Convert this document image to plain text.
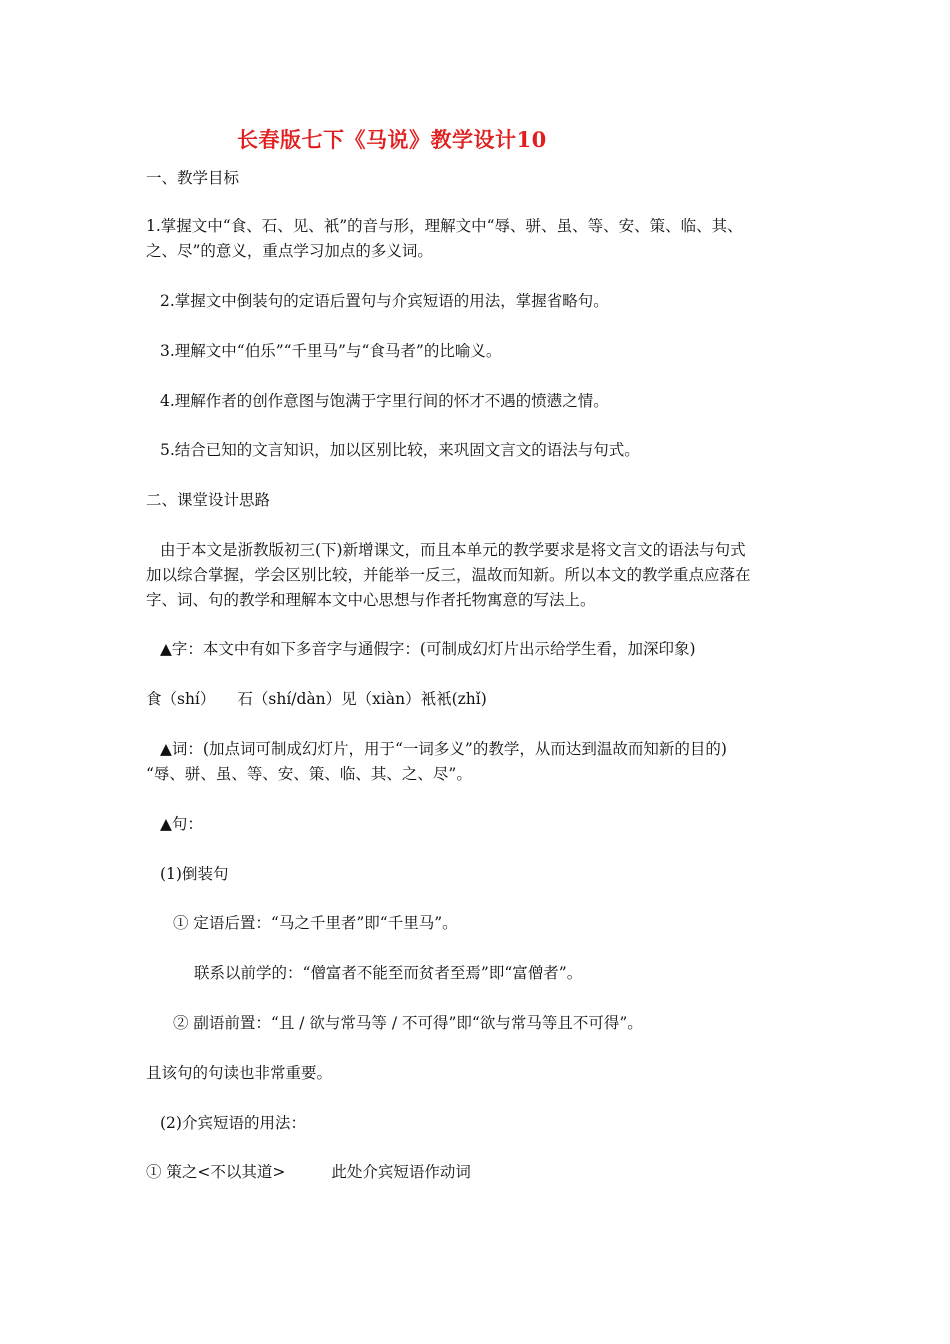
长春版七下《马说》教学设计10
一、教学目标
1.掌握文中“食、石、见、衹”的音与形，理解文中“辱、骈、虽、等、安、策、临、其、
之、尽”的意义，重点学习加点的多义词。
2.掌握文中倒装句的定语后置句与介宾短语的用法，掌握省略句。
3.理解文中“伯乐”“千里马”与“食马者”的比喻义。
4.理解作者的创作意图与饱满于字里行间的怀才不遇的愤懑之情。
5.结合已知的文言知识，加以区别比较，来巩固文言文的语法与句式。
二、课堂设计思路
由于本文是浙教版初三(下)新增课文，而且本单元的教学要求是将文言文的语法与句式
加以综合掌握，学会区别比较，并能举一反三，温故而知新。所以本文的教学重点应落在
字、词、句的教学和理解本文中心思想与作者托物寓意的写法上。
▲字：本文中有如下多音字与通假字：(可制成幻灯片出示给学生看，加深印象)
食（shí） 石（shí/dàn）见（xiàn）衹衹(zhǐ)
▲词：(加点词可制成幻灯片，用于“一词多义”的教学，从而达到温故而知新的目的)
“辱、骈、虽、等、安、策、临、其、之、尽”。
▲句：
(1)倒装句
① 定语后置：“马之千里者”即“千里马”。
联系以前学的：“僧富者不能至而贫者至焉”即“富僧者”。
② 副语前置：“且 / 欲与常马等 / 不可得”即“欲与常马等且不可得”。
且该句的句读也非常重要。
(2)介宾短语的用法：
① 策之<不以其道>	此处介宾短语作动词
